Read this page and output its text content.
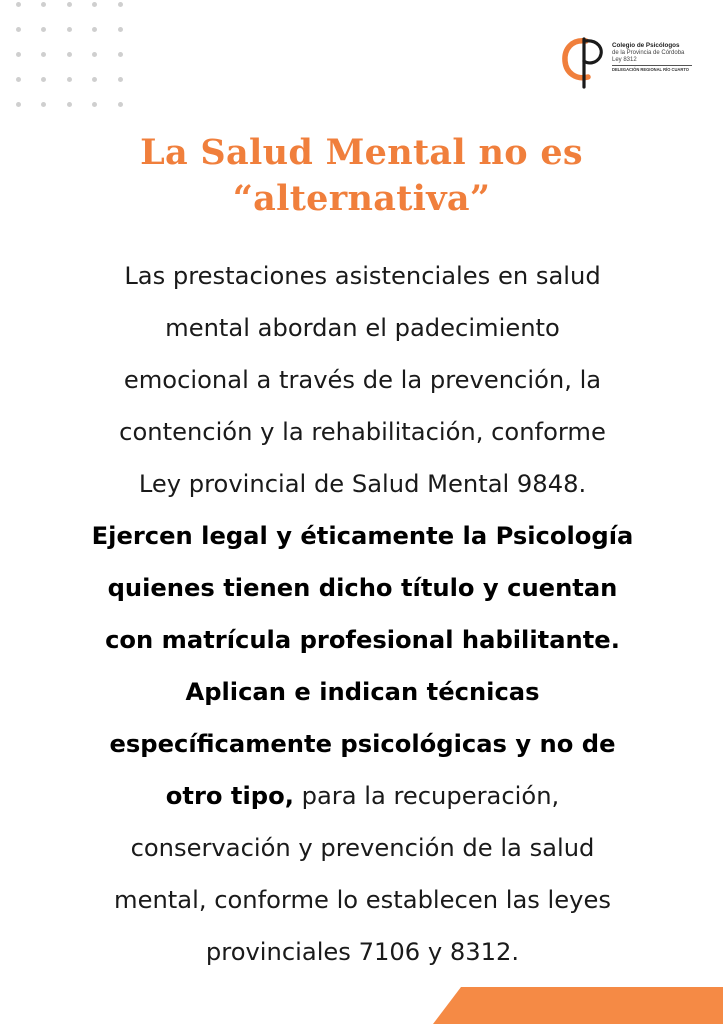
Colegio de Psicólogos
de la Provincia de Córdoba
Ley 8312
DELEGACIÓN REGIONAL RÍO CUARTO
La Salud Mental no es
“alternativa”
Las prestaciones asistenciales en salud
mental abordan el padecimiento
emocional a través de la prevención, la
contención y la rehabilitación, conforme
Ley provincial de Salud Mental 9848.
Ejercen legal y éticamente la Psicología
quienes tienen dicho título y cuentan
con matrícula profesional habilitante.
Aplican e indican técnicas
específicamente psicológicas y no de
otro tipo, para la recuperación,
conservación y prevención de la salud
mental, conforme lo establecen las leyes
provinciales 7106 y 8312.
